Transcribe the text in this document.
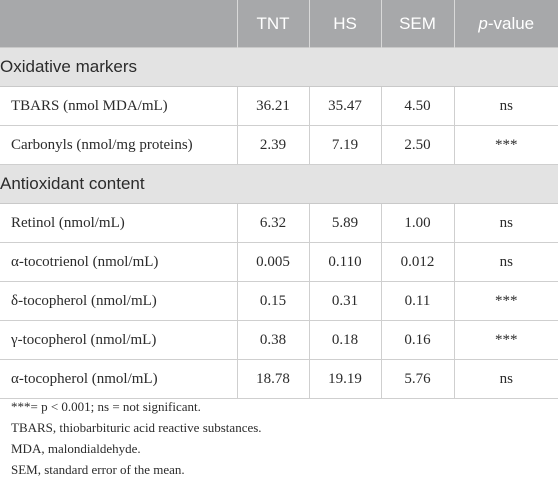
	TNT	HS	SEM	p-value
Oxidative markers				
TBARS (nmol MDA/mL)	36.21	35.47	4.50	ns
Carbonyls (nmol/mg proteins)	2.39	7.19	2.50	***
Antioxidant content				
Retinol (nmol/mL)	6.32	5.89	1.00	ns
α-tocotrienol (nmol/mL)	0.005	0.110	0.012	ns
δ-tocopherol (nmol/mL)	0.15	0.31	0.11	***
γ-tocopherol (nmol/mL)	0.38	0.18	0.16	***
α-tocopherol (nmol/mL)	18.78	19.19	5.76	ns
***= p < 0.001; ns = not significant.
TBARS, thiobarbituric acid reactive substances.
MDA, malondialdehyde.
SEM, standard error of the mean.
